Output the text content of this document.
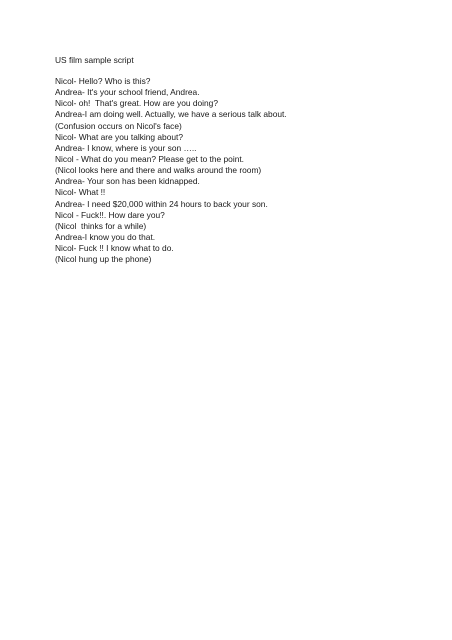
US film sample script
Nicol- Hello? Who is this?
Andrea- It's your school friend, Andrea.
Nicol- oh!  That's great. How are you doing?
Andrea-I am doing well. Actually, we have a serious talk about.
(Confusion occurs on Nicol's face)
Nicol- What are you talking about?
Andrea- I know, where is your son …..
Nicol - What do you mean? Please get to the point.
(Nicol looks here and there and walks around the room)
Andrea- Your son has been kidnapped.
Nicol- What !!
Andrea- I need $20,000 within 24 hours to back your son.
Nicol - Fuck!!. How dare you?
(Nicol  thinks for a while)
Andrea-I know you do that.
Nicol- Fuck !! I know what to do.
(Nicol hung up the phone)
